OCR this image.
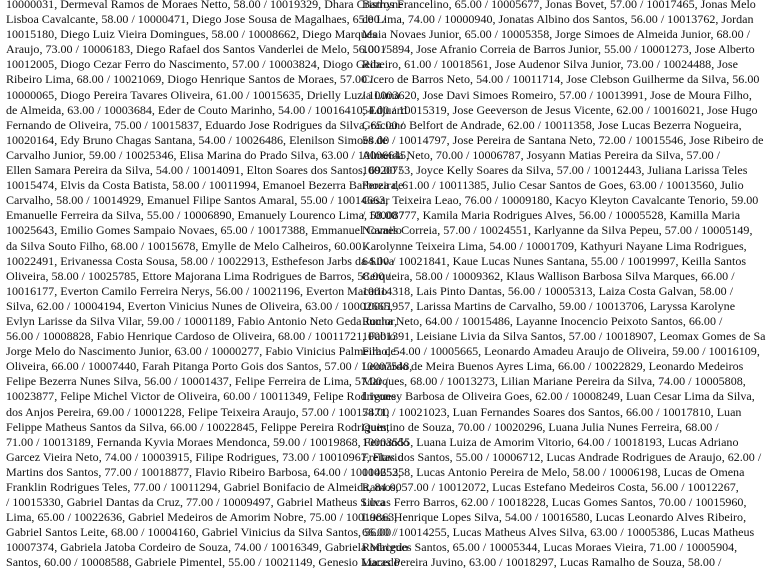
10000031, Dermeval Ramos de Moraes Netto, 58.00 / 10019329, Dhara Cristhyne
Lisboa Cavalcante, 58.00 / 10000471, Diego Jose Sousa de Magalhaes, 65.00 /
10015180, Diego Luiz Vieira Domingues, 58.00 / 10008662, Diego Marques
Araujo, 73.00 / 10006183, Diego Rafael dos Santos Vanderlei de Melo, 56.00 /
10012005, Diogo Cezar Ferro do Nascimento, 57.00 / 10003824, Diogo Geda
Ribeiro Lima, 68.00 / 10021069, Diogo Henrique Santos de Moraes, 57.00 /
10000065, Diogo Pereira Tavares Oliveira, 61.00 / 10015635, Drielly Luzia Lima
de Almeida, 63.00 / 10003684, Eder de Couto Marinho, 54.00 / 10016410, Edjuard
Fernando de Oliveira, 75.00 / 10015837, Eduardo Jose Rodrigues da Silva, 65.00 /
10020164, Edy Bruno Chagas Santana, 54.00 / 10026486, Elenilson Simoes de
Carvalho Junior, 59.00 / 10025346, Elisa Marina do Prado Silva, 63.00 / 10006645,
Ellen Samara Pereira da Silva, 54.00 / 10014091, Elton Soares dos Santos, 69.00 /
10015474, Elvis da Costa Batista, 58.00 / 10011994, Emanoel Bezerra Barboza de
Carvalho, 58.00 / 10014929, Emanuel Filipe Santos Amaral, 55.00 / 10014663,
Emanuelle Ferreira da Silva, 55.00 / 10006890, Emanuely Lourenco Lima, 58.00 /
10025643, Emilio Gomes Sampaio Novaes, 65.00 / 10017388, Emmanuel Camilo
da Silva Souto Filho, 68.00 / 10015678, Emylle de Melo Calheiros, 60.00 /
10022491, Erivanessa Costa Sousa, 58.00 / 10022913, Esthefeson Jarbs da Silva
Oliveira, 58.00 / 10025785, Ettore Majorana Lima Rodrigues de Barros, 58.00 /
10016177, Everton Camilo Ferreira Nerys, 56.00 / 10021196, Everton Macario
Silva, 62.00 / 10004194, Everton Vinicius Nunes de Oliveira, 63.00 / 10002665,
Evlyn Larisse da Silva Vilar, 59.00 / 10001189, Fabio Antonio Neto Geda Junior,
56.00 / 10008828, Fabio Henrique Cardoso de Oliveira, 68.00 / 10011721, Fabio
Jorge Melo do Nascimento Junior, 63.00 / 10000277, Fabio Vinicius Palmeira de
Oliveira, 66.00 / 10007440, Farah Pitanga Porto Gois dos Santos, 57.00 / 10007548,
Felipe Bezerra Nunes Silva, 56.00 / 10001437, Felipe Ferreira de Lima, 57.00 /
10023877, Felipe Michel Victor de Oliveira, 60.00 / 10011349, Felipe Rodrigues
dos Anjos Pereira, 69.00 / 10001228, Felipe Teixeira Araujo, 57.00 / 10017471,
Felippe Matheus Santos da Silva, 66.00 / 10022845, Felippe Pereira Rodrigues,
71.00 / 10013189, Fernanda Kyvia Moraes Mendonca, 59.00 / 10019868, Fernando
Garcez Vieira Neto, 74.00 / 10003915, Filipe Rodrigues, 73.00 / 10010967, Flavio
Martins dos Santos, 77.00 / 10018877, Flavio Ribeiro Barbosa, 64.00 / 10014652,
Franklin Rodrigues Teles, 77.00 / 10011294, Gabriel Bonifacio de Almeida, 84.00
/ 10015330, Gabriel Dantas da Cruz, 77.00 / 10009497, Gabriel Matheus Silva
Lima, 65.00 / 10022636, Gabriel Medeiros de Amorim Nobre, 75.00 / 10019863,
Gabriel Santos Leite, 68.00 / 10004160, Gabriel Vinicius da Silva Santos, 56.00 /
10007374, Gabriela Jatoba Cordeiro de Souza, 74.00 / 10016349, Gabriela Macedo
Santos, 60.00 / 10008588, Gabriele Pimentel, 55.00 / 10021149, Genesio Macedo
Barros Francelino, 65.00 / 10005677, Jonas Bovet, 57.00 / 10017465, Jonas Melo
de Lima, 74.00 / 10000940, Jonatas Albino dos Santos, 56.00 / 10013762, Jordan
Maia Novaes Junior, 65.00 / 10005358, Jorge Simoes de Almeida Junior, 68.00 /
10015894, Jose Afranio Correia de Barros Junior, 55.00 / 10001273, Jose Alberto
Ribeiro, 61.00 / 10018561, Jose Audenor Silva Junior, 73.00 / 10024488, Jose
Cicero de Barros Neto, 54.00 / 10011714, Jose Clebson Guilherme da Silva, 56.00
/ 10003620, Jose Davi Simoes Romeiro, 57.00 / 10013991, Jose de Moura Filho,
54.00 / 10015319, Jose Geeverson de Jesus Vicente, 62.00 / 10016021, Jose Hugo
Graciano Belfort de Andrade, 62.00 / 10011358, Jose Lucas Bezerra Nogueira,
58.00 / 10014797, Jose Pereira de Santana Neto, 72.00 / 10015546, Jose Ribeiro de
Almeida Neto, 70.00 / 10006787, Josyann Matias Pereira da Silva, 57.00 /
10020753, Joyce Kelly Soares da Silva, 57.00 / 10012443, Juliana Larissa Teles
Pereira, 61.00 / 10011385, Julio Cesar Santos de Goes, 63.00 / 10013560, Julio
Cesar Teixeira Leao, 76.00 / 10009180, Kacyo Kleyton Cavalcante Tenorio, 59.00
/ 10008777, Kamila Maria Rodrigues Alves, 56.00 / 10005528, Kamilla Maria
Novaes Correia, 57.00 / 10024551, Karlyanne da Silva Pepeu, 57.00 / 10005149,
Karolynne Teixeira Lima, 54.00 / 10001709, Kathyuri Nayane Lima Rodrigues,
64.00 / 10021841, Kaue Lucas Nunes Santana, 55.00 / 10019997, Keilla Santos
Cerqueira, 58.00 / 10009362, Klaus Wallison Barbosa Silva Marques, 66.00 /
10014318, Lais Pinto Dantas, 56.00 / 10005313, Laiza Costa Galvan, 58.00 /
10001957, Larissa Martins de Carvalho, 59.00 / 10013706, Laryssa Karolyne
Rocha Neto, 64.00 / 10015486, Layanne Inocencio Peixoto Santos, 66.00 /
10001391, Leisiane Livia da Silva Santos, 57.00 / 10018907, Leomax Gomes de Sa
Filho, 54.00 / 10005665, Leonardo Amadeu Araujo de Oliveira, 59.00 / 10016109,
Leonardo de Meira Buenos Ayres Lima, 66.00 / 10022829, Leonardo Medeiros
Marques, 68.00 / 10013273, Lilian Mariane Pereira da Silva, 74.00 / 10005808,
Livoney Barbosa de Oliveira Goes, 62.00 / 10008249, Luan Cesar Lima da Silva,
58.00 / 10021023, Luan Fernandes Soares dos Santos, 66.00 / 10017810, Luan
Quintino de Souza, 70.00 / 10020296, Luana Julia Nunes Ferreira, 68.00 /
10003555, Luana Luiza de Amorim Vitorio, 64.00 / 10018193, Lucas Adriano
Freitas dos Santos, 55.00 / 10006712, Lucas Andrade Rodrigues de Araujo, 62.00 /
10025358, Lucas Antonio Pereira de Melo, 58.00 / 10006198, Lucas de Omena
Ramos, 57.00 / 10012072, Lucas Estefano Medeiros Costa, 56.00 / 10012267,
Lucas Ferro Barros, 62.00 / 10018228, Lucas Gomes Santos, 70.00 / 10015960,
Lucas Henrique Lopes Silva, 54.00 / 10016580, Lucas Leonardo Alves Ribeiro,
66.00 / 10014255, Lucas Matheus Alves Silva, 63.00 / 10005386, Lucas Matheus
Rodrigues Santos, 65.00 / 10005344, Lucas Moraes Vieira, 71.00 / 10005904,
Lucas Pereira Juvino, 63.00 / 10018297, Lucas Ramalho de Souza, 58.00 /
